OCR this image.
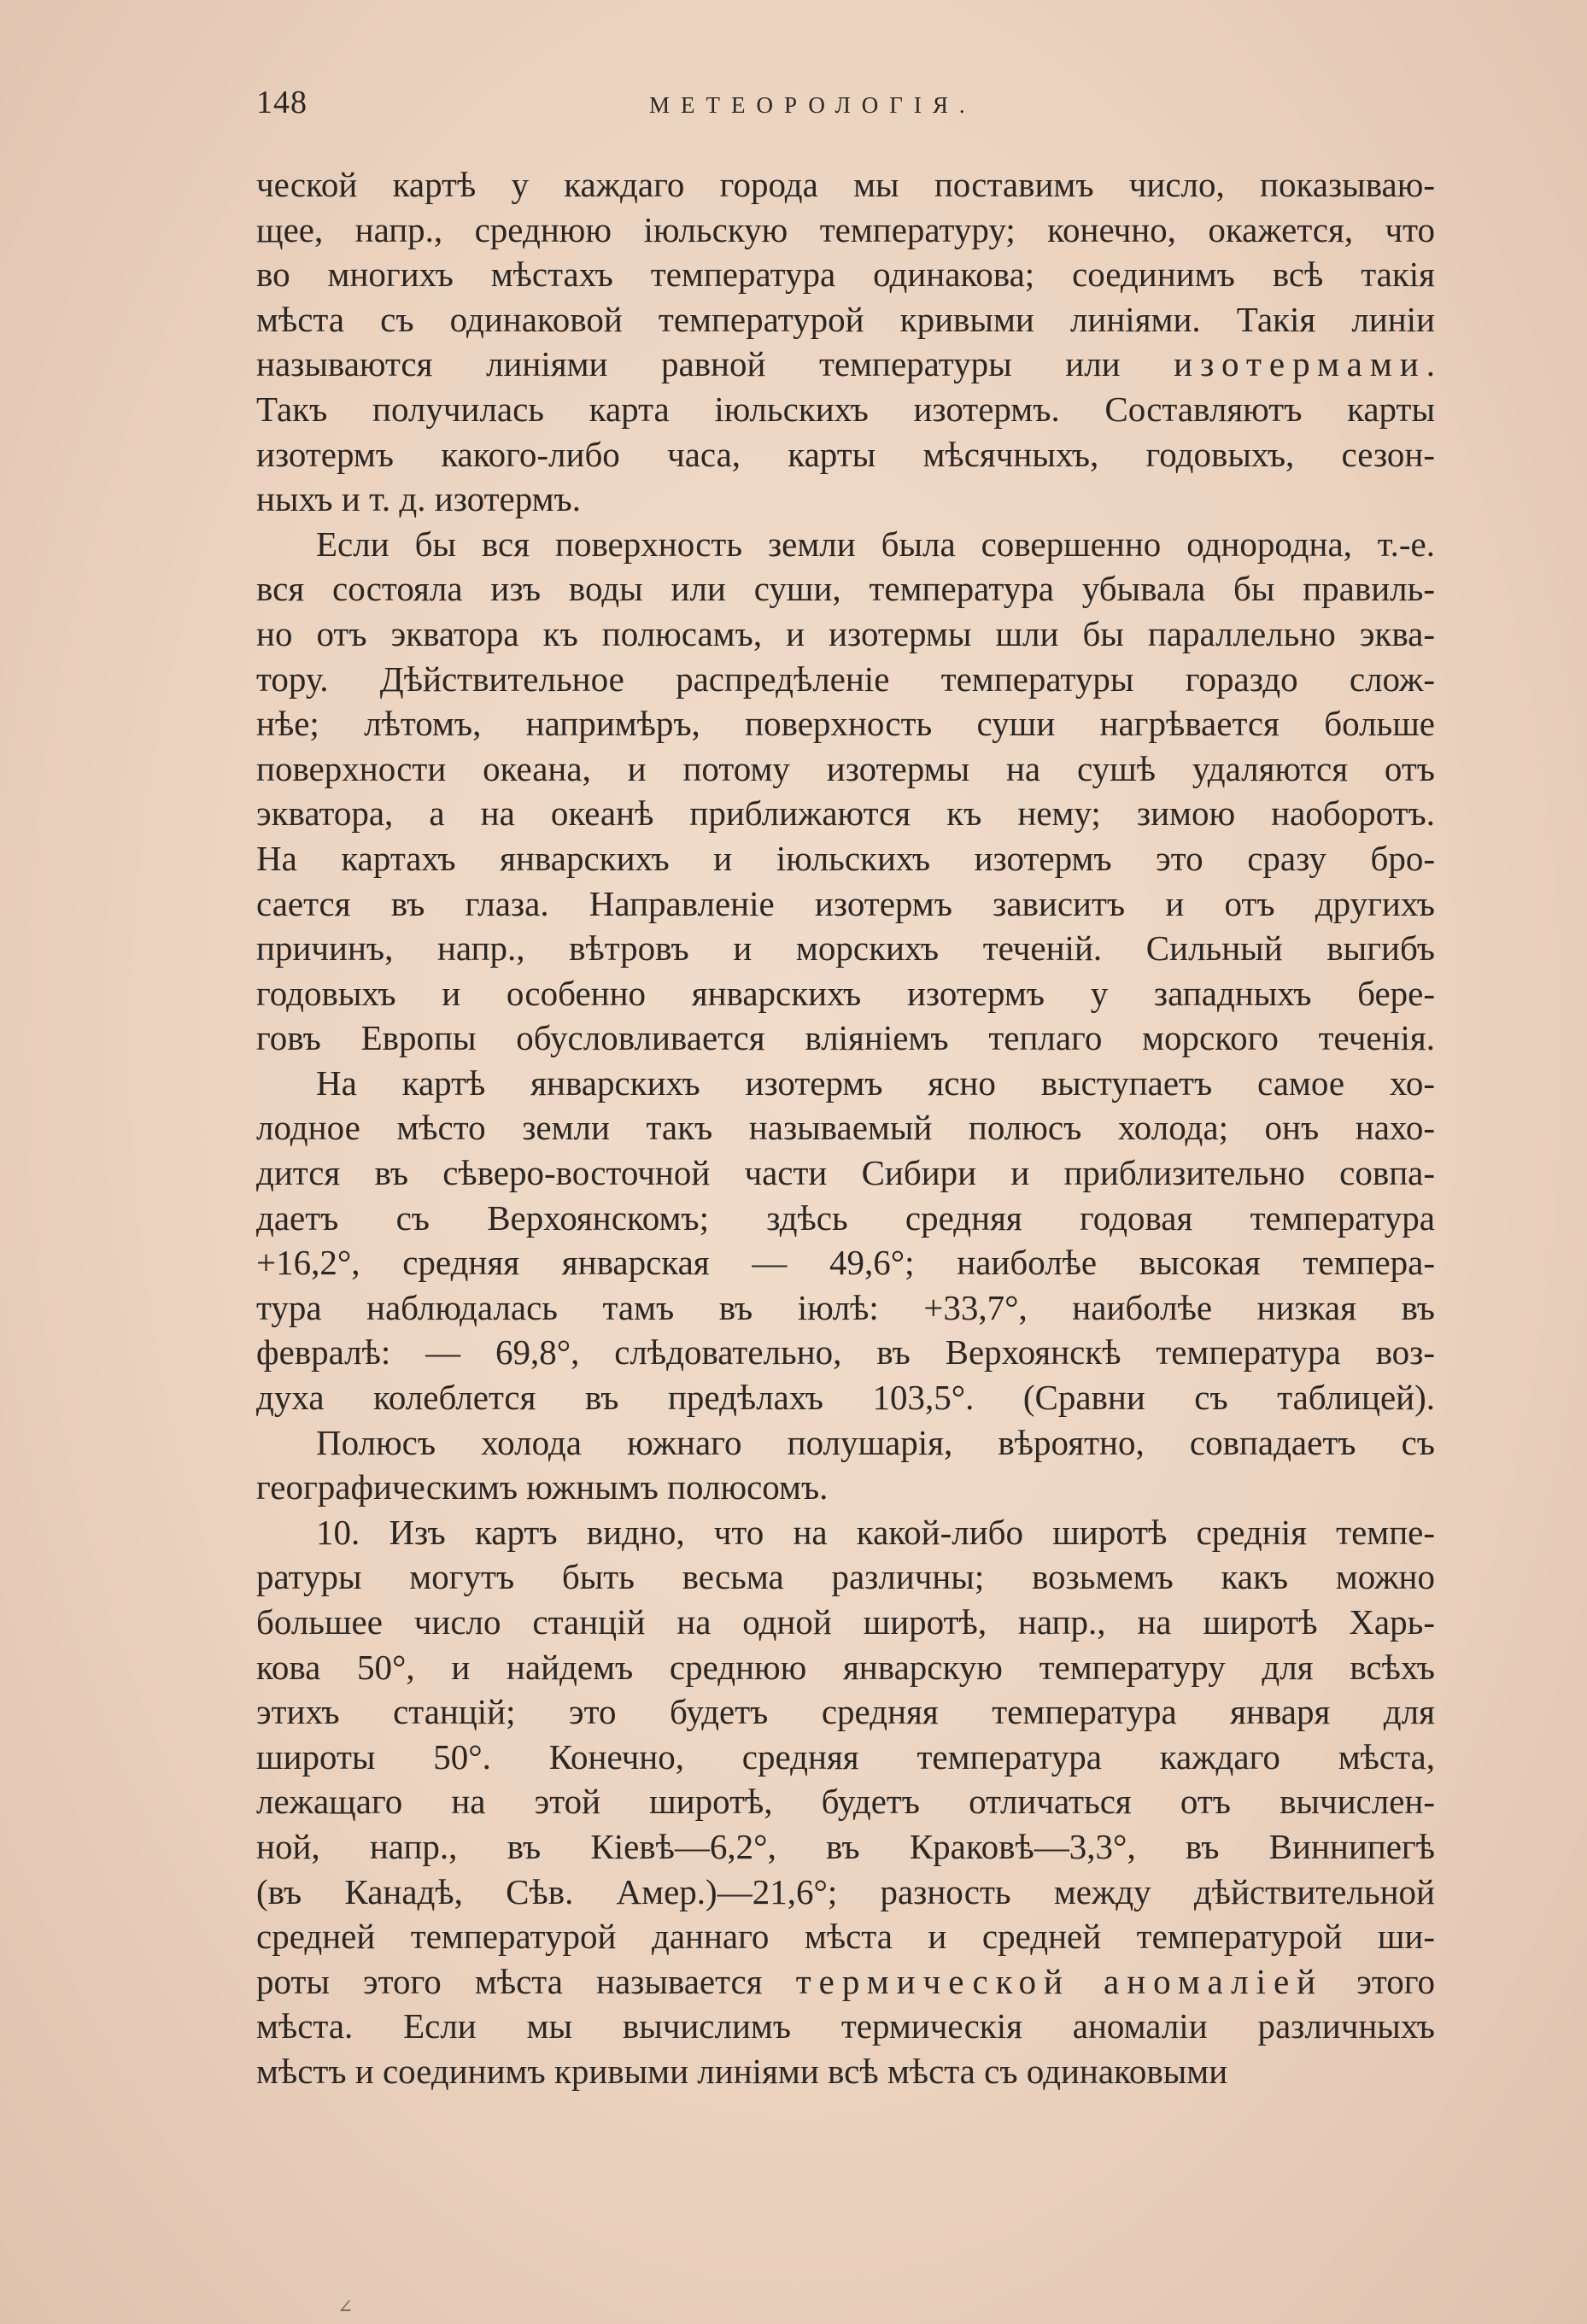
148	МЕТЕОРОЛОГІЯ.
ческой картѣ у каждаго города мы поставимъ число, показываю-
щее, напр., среднюю іюльскую температуру; конечно, окажется, что
во многихъ мѣстахъ температура одинакова; соединимъ всѣ такія
мѣста съ одинаковой температурой кривыми линіями. Такія линіи
называются линіями равной температуры или изотермами.
Такъ получилась карта іюльскихъ изотермъ. Составляютъ карты
изотермъ какого-либо часа, карты мѣсячныхъ, годовыхъ, сезон-
ныхъ и т. д. изотермъ.
Если бы вся поверхность земли была совершенно однородна, т.-е.
вся состояла изъ воды или суши, температура убывала бы правиль-
но отъ экватора къ полюсамъ, и изотермы шли бы параллельно эква-
тору. Дѣйствительное распредѣленіе температуры гораздо слож-
нѣе; лѣтомъ, напримѣръ, поверхность суши нагрѣвается больше
поверхности океана, и потому изотермы на сушѣ удаляются отъ
экватора, а на океанѣ приближаются къ нему; зимою наоборотъ.
На картахъ январскихъ и іюльскихъ изотермъ это сразу бро-
сается въ глаза. Направленіе изотермъ зависитъ и отъ другихъ
причинъ, напр., вѣтровъ и морскихъ теченій. Сильный выгибъ
годовыхъ и особенно январскихъ изотермъ у западныхъ бере-
говъ Европы обусловливается вліяніемъ теплаго морского теченія.
На картѣ январскихъ изотермъ ясно выступаетъ самое хо-
лодное мѣсто земли такъ называемый полюсъ холода; онъ нахо-
дится въ сѣверо-восточной части Сибири и приблизительно совпа-
даетъ съ Верхоянскомъ; здѣсь средняя годовая температура
+16,2°, средняя январская — 49,6°; наиболѣе высокая темпера-
тура наблюдалась тамъ въ іюлѣ: +33,7°, наиболѣе низкая въ
февралѣ: — 69,8°, слѣдовательно, въ Верхоянскѣ температура воз-
духа колеблется въ предѣлахъ 103,5°. (Сравни съ таблицей).
Полюсъ холода южнаго полушарія, вѣроятно, совпадаетъ съ
географическимъ южнымъ полюсомъ.
10. Изъ картъ видно, что на какой-либо широтѣ среднія темпе-
ратуры могутъ быть весьма различны; возьмемъ какъ можно
большее число станцій на одной широтѣ, напр., на широтѣ Харь-
кова 50°, и найдемъ среднюю январскую температуру для всѣхъ
этихъ станцій; это будетъ средняя температура января для
широты 50°. Конечно, средняя температура каждаго мѣста,
лежащаго на этой широтѣ, будетъ отличаться отъ вычислен-
ной, напр., въ Кіевѣ—6,2°, въ Краковѣ—3,3°, въ Виннипегѣ
(въ Канадѣ, Сѣв. Амер.)—21,6°; разность между дѣйствительной
средней температурой даннаго мѣста и средней температурой ши-
роты этого мѣста называется термической аномаліей этого
мѣста. Если мы вычислимъ термическія аномаліи различныхъ
мѣстъ и соединимъ кривыми линіями всѣ мѣста съ одинаковыми
∠
